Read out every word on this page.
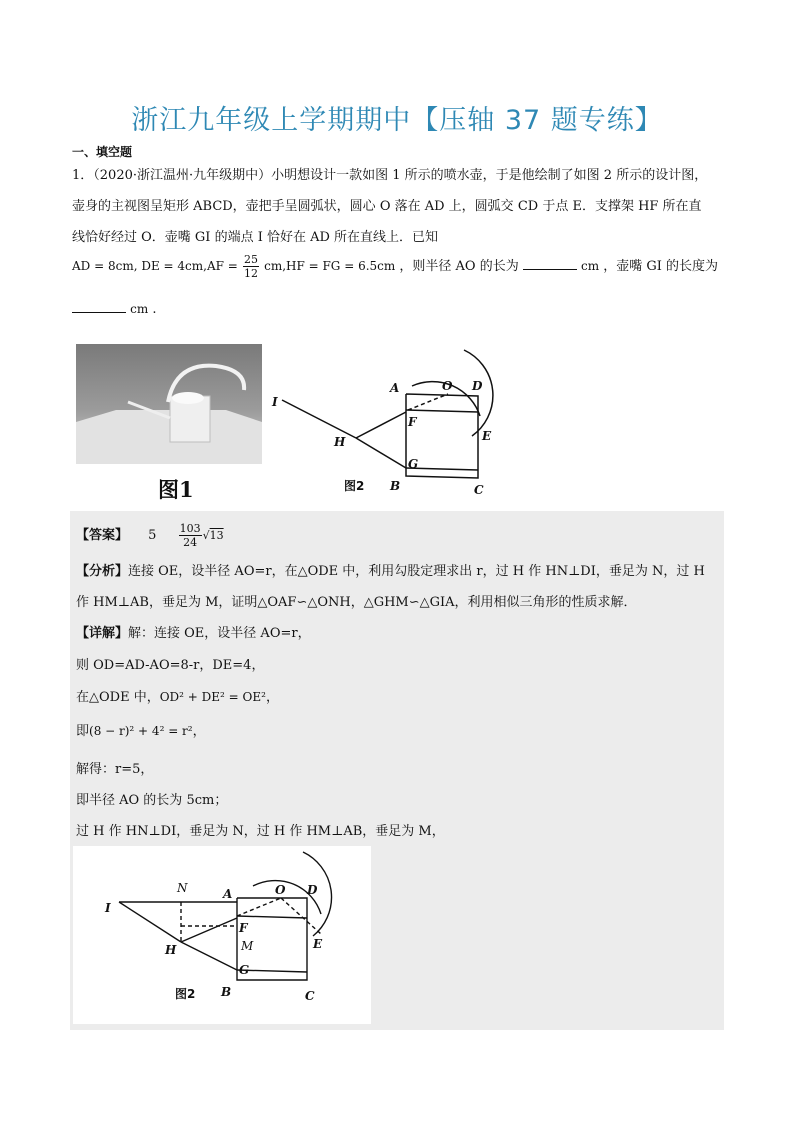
浙江九年级上学期期中【压轴 37 题专练】
一、填空题
1．（2020·浙江温州·九年级期中）小明想设计一款如图 1 所示的喷水壶，于是他绘制了如图 2 所示的设计图，
壶身的主视图呈矩形 ABCD，壶把手呈圆弧状，圆心 O 落在 AD 上，圆弧交 CD 于点 E．支撑架 HF 所在直
线恰好经过 O．壶嘴 GI 的端点 I 恰好在 AD 所在直线上．已知
AD = 8cm, DE = $4cm,AF = \frac{25}{12} cm,HF$ = FG = 6.5cm ，则半径 AO 的长为	cm ，壶嘴 GI 的长度为
cm .
图1
A	O D
I
F
E
H
G
B	C
图2
【答案】 $5 \frac{103}{24} √13$
【分析】连接 OE，设半径 AO=r，在△ODE 中，利用勾股定理求出 r，过 H 作 HN⊥DI，垂足为 N，过 H
作 HM⊥AB，垂足为 M，证明△OAF∽△ONH，△GHM∽△GIA，利用相似三角形的性质求解．
【详解】解：连接 OE，设半径 AO=r，
则 OD=AD-AO=8-r，DE=4，
在△ODE 中，OD² + DE² = OE²，
即(8 − r)² + 4² = r²，
解得：r=5，
即半径 AO 的长为 5cm；
过 H 作 HN⊥DI，垂足为 N，过 H 作 HM⊥AB，垂足为 M，
N	A	O D
I
F
E
H	M
G
B	C
图2
